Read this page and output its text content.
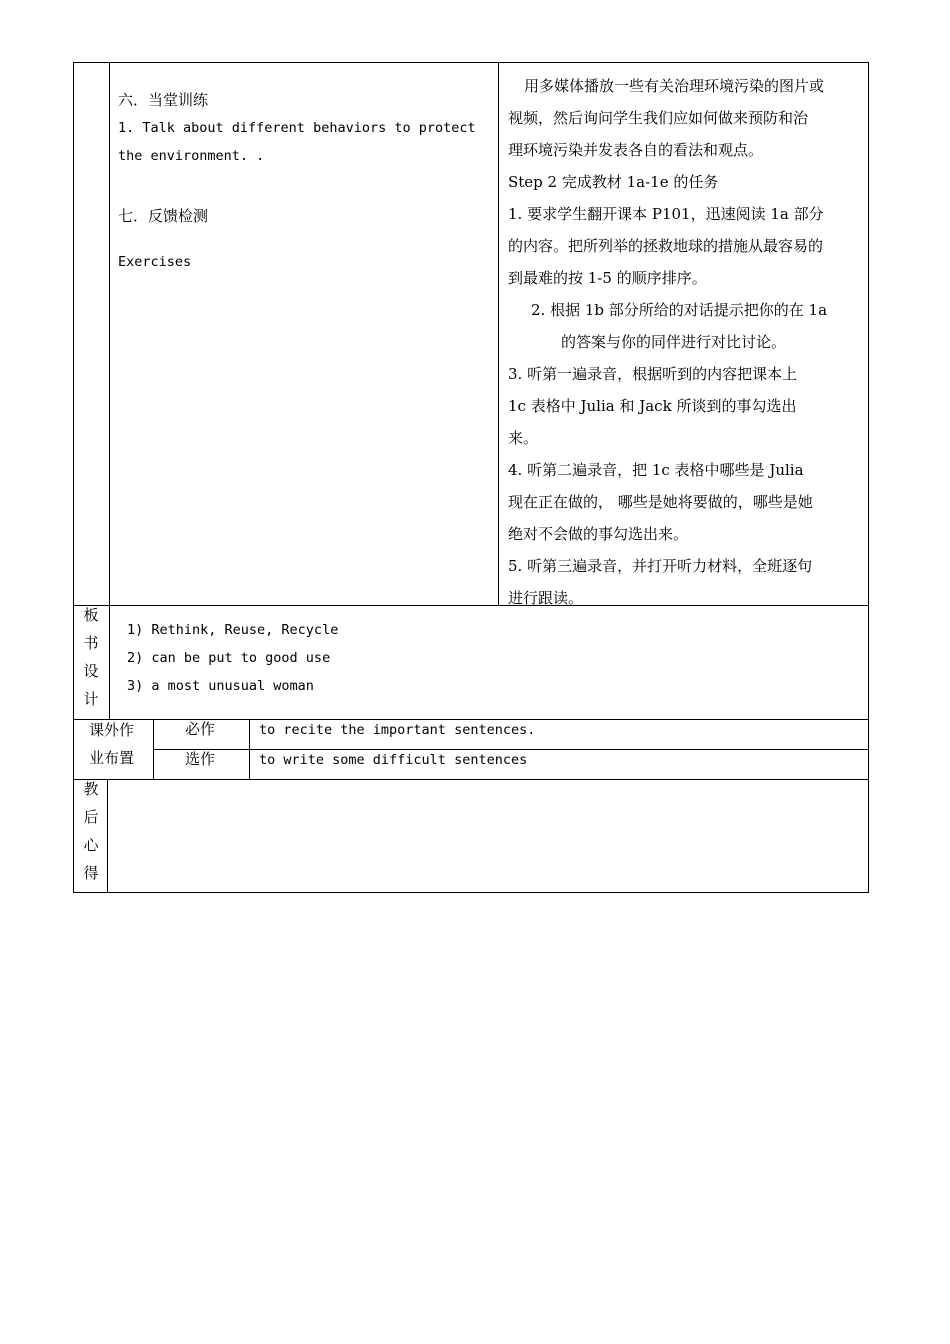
六．当堂训练
1. Talk about different behaviors to protect
the environment. .
七．反馈检测
Exercises
用多媒体播放一些有关治理环境污染的图片或
视频，然后询问学生我们应如何做来预防和治
理环境污染并发表各自的看法和观点。
Step 2 完成教材 1a-1e 的任务
1. 要求学生翻开课本 P101，迅速阅读 1a 部分
的内容。把所列举的拯救地球的措施从最容易的
到最难的按 1-5 的顺序排序。
2. 根据 1b 部分所给的对话提示把你的在 1a
的答案与你的同伴进行对比讨论。
3. 听第一遍录音，根据听到的内容把课本上
1c 表格中 Julia 和 Jack 所谈到的事勾选出
来。
4. 听第二遍录音，把 1c 表格中哪些是 Julia
现在正在做的， 哪些是她将要做的，哪些是她
绝对不会做的事勾选出来。
5. 听第三遍录音，并打开听力材料，全班逐句
进行跟读。
板
书
设
计
1) Rethink, Reuse, Recycle
2) can be put to good use
3) a most unusual woman
课外作
业布置
必作	to recite the important sentences.
选作	to write some difficult sentences
教
后
心
得
